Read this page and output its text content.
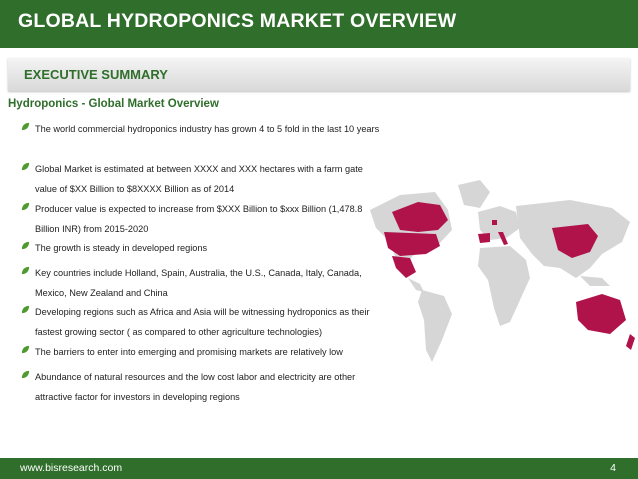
GLOBAL HYDROPONICS MARKET OVERVIEW
EXECUTIVE SUMMARY
Hydroponics - Global Market Overview
The world commercial hydroponics industry has grown 4 to 5 fold in the last 10 years
Global Market is estimated at between XXXX and XXX hectares with a farm gate value of $XX Billion to $8XXXX Billion as of 2014
Producer value is expected to increase from $XXX Billion to $xxx Billion (1,478.8 Billion INR) from 2015-2020
The growth is steady in developed regions
Key countries include Holland, Spain, Australia, the U.S., Canada, Italy, Canada, Mexico, New Zealand and China
Developing regions such as Africa and Asia will be witnessing hydroponics as their fastest growing sector ( as compared to other agriculture technologies)
The barriers to enter into emerging and promising markets are relatively low
Abundance of natural resources and the low cost labor and electricity are other attractive factor for investors in developing regions
www.bisresearch.com	4
